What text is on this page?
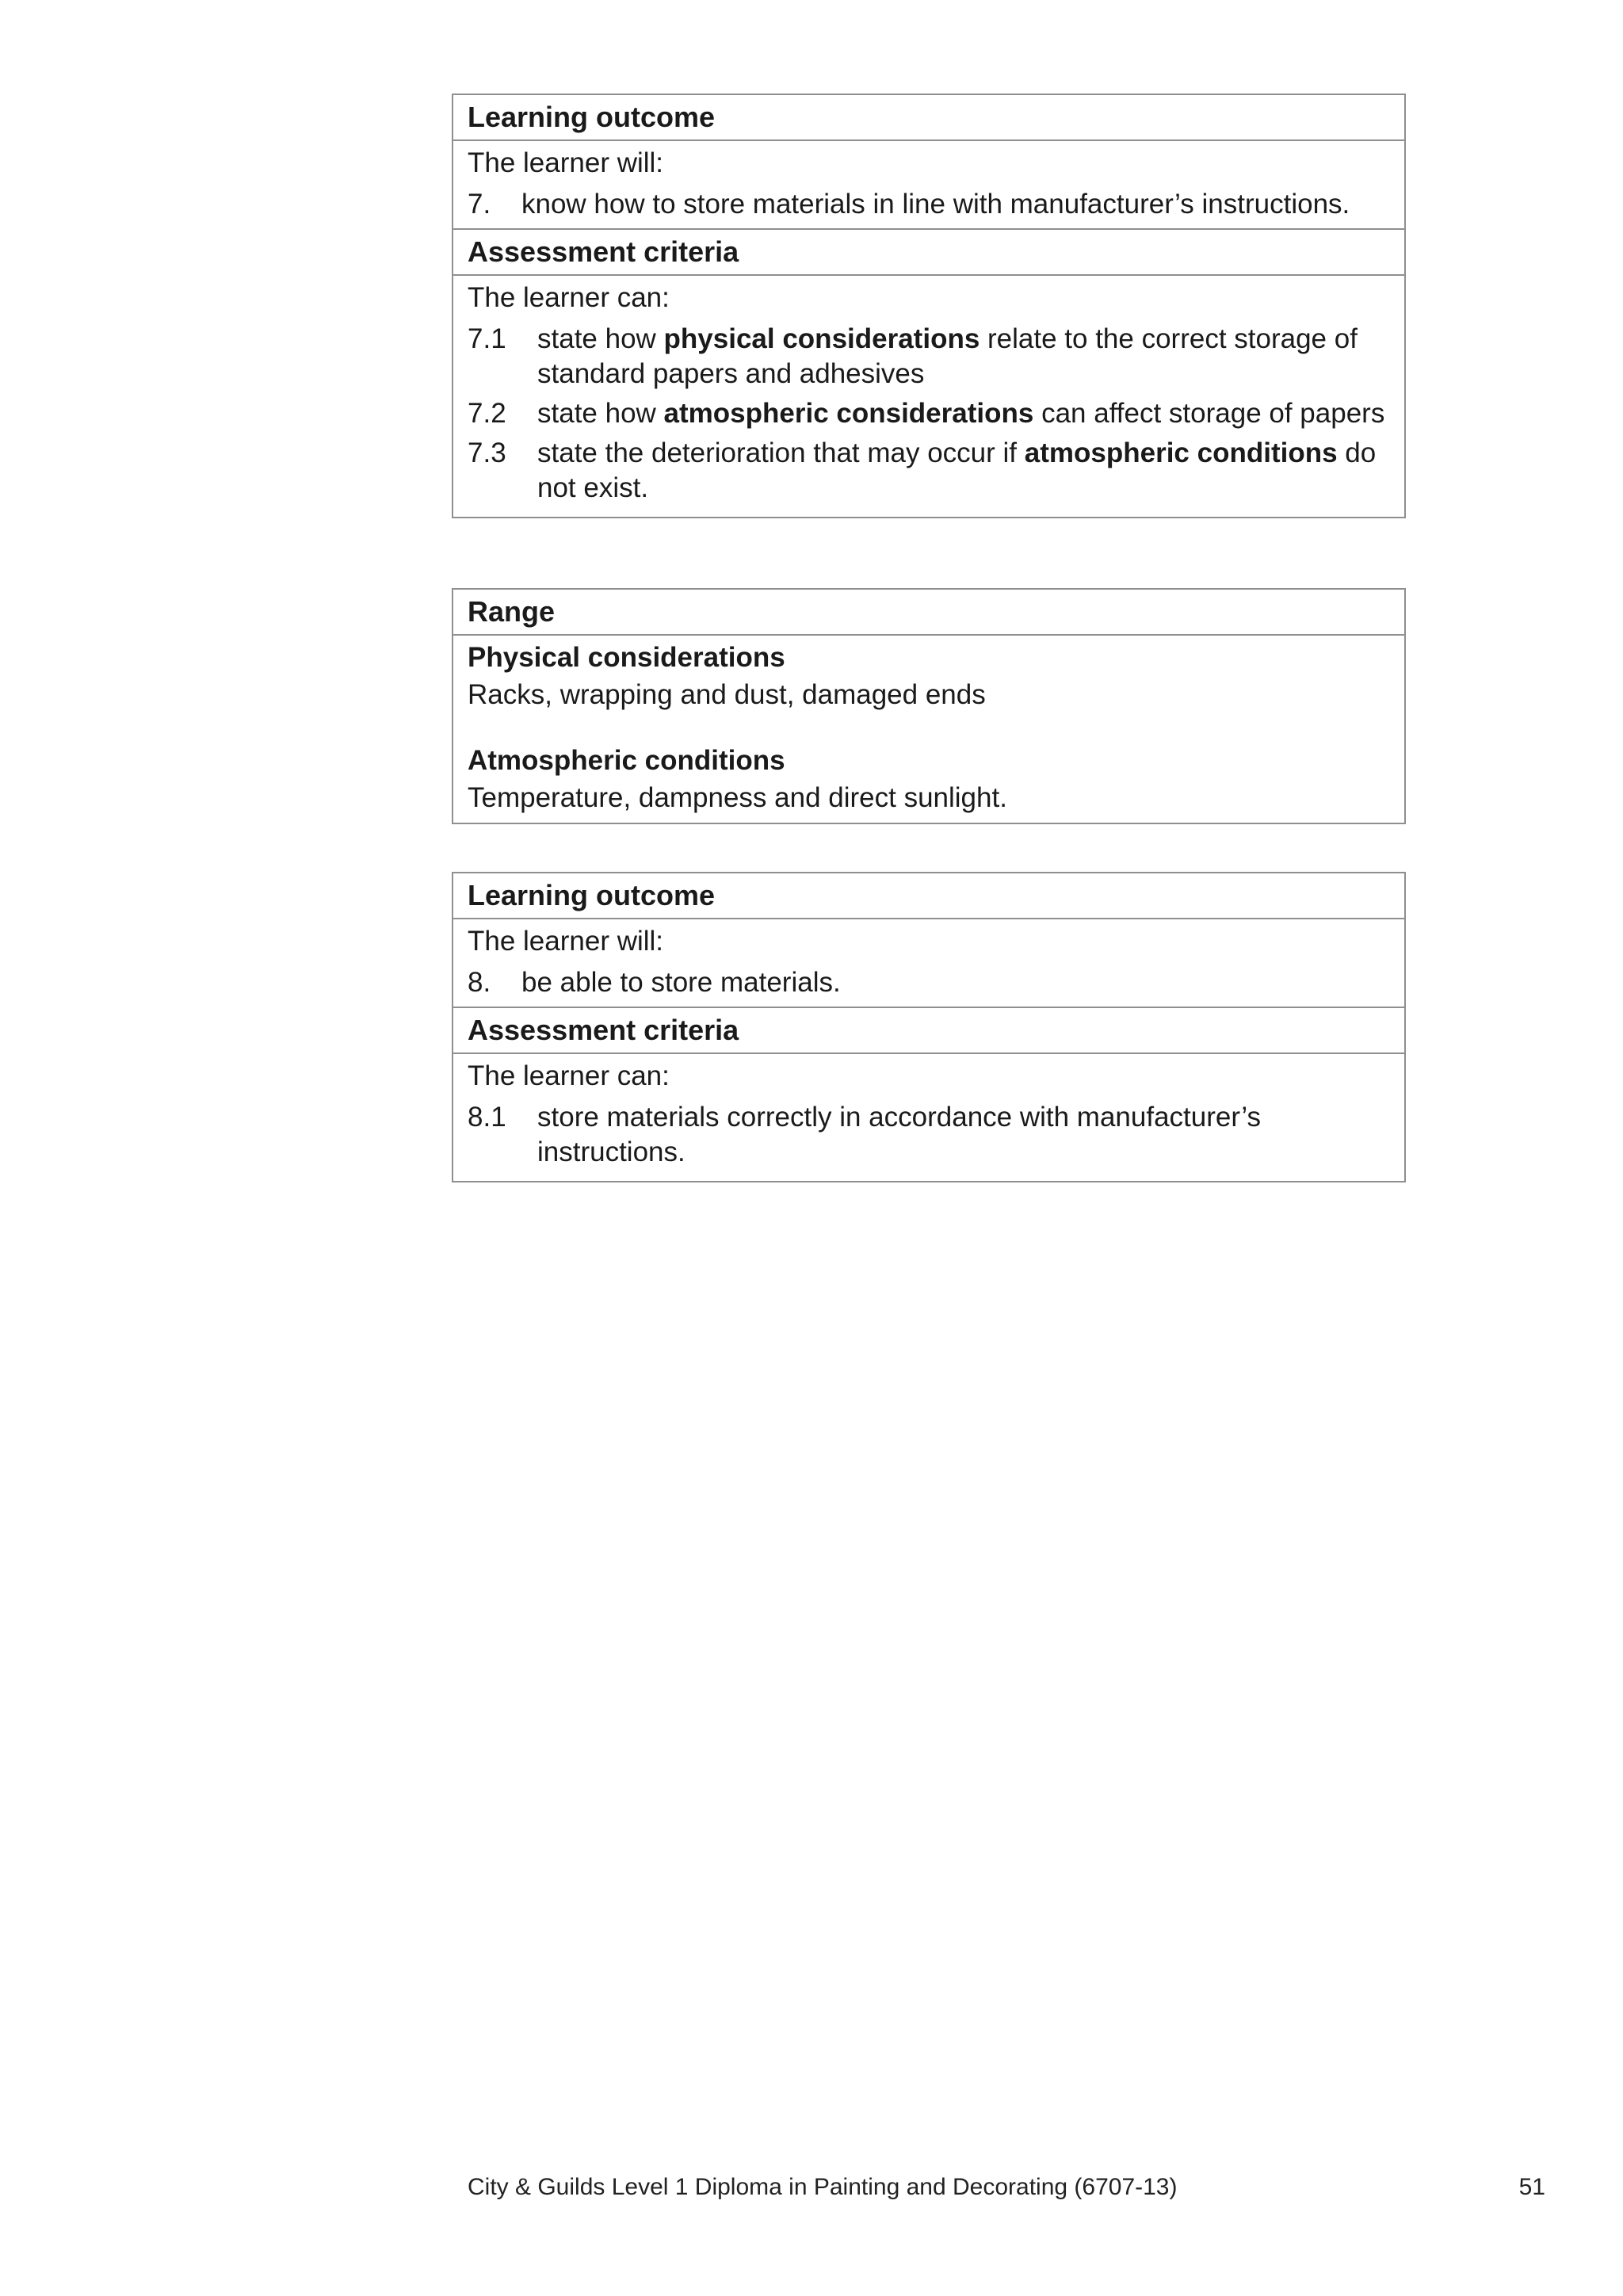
Learning outcome
The learner will:
7.	know how to store materials in line with manufacturer’s instructions.
Assessment criteria
The learner can:
7.1	state how physical considerations relate to the correct storage of standard papers and adhesives
7.2	state how atmospheric considerations can affect storage of papers
7.3	state the deterioration that may occur if atmospheric conditions do not exist.
Range
Physical considerations
Racks, wrapping and dust, damaged ends
Atmospheric conditions
Temperature, dampness and direct sunlight.
Learning outcome
The learner will:
8.	be able to store materials.
Assessment criteria
The learner can:
8.1	store materials correctly in accordance with manufacturer’s instructions.
City & Guilds Level 1 Diploma in Painting and Decorating (6707-13)	51
